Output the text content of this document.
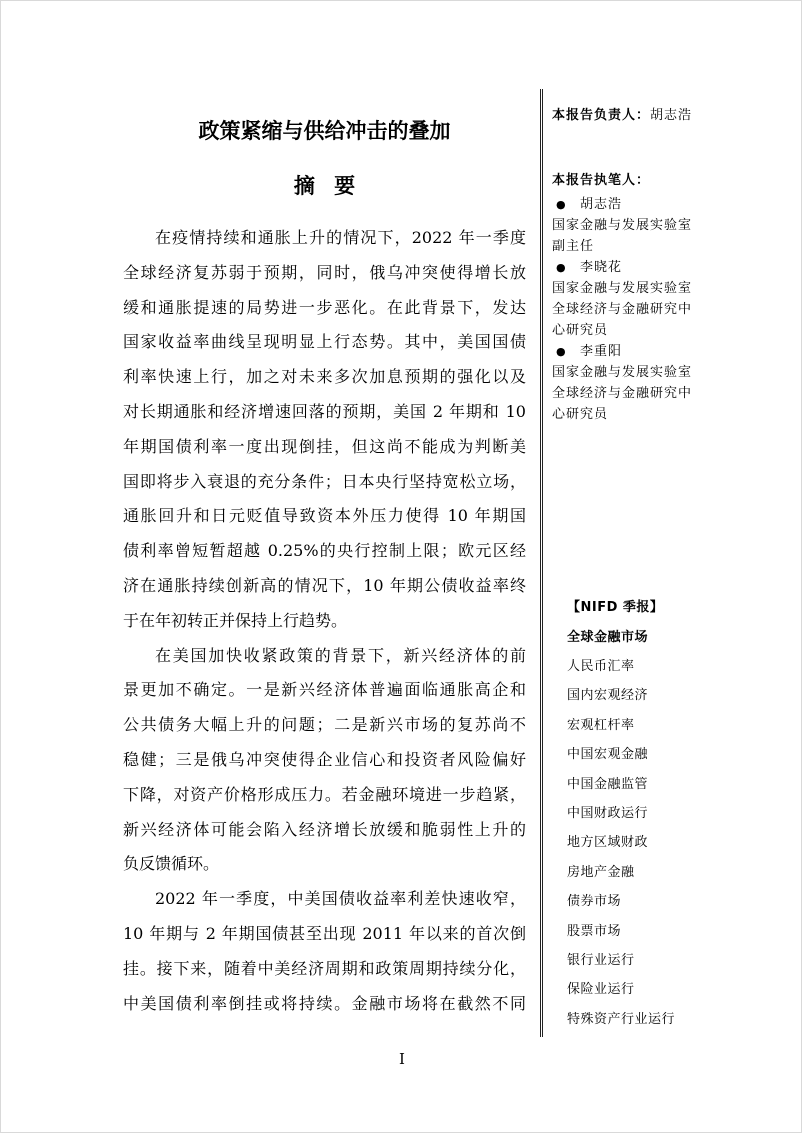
政策紧缩与供给冲击的叠加
摘 要
在疫情持续和通胀上升的情况下，2022 年一季度
全球经济复苏弱于预期，同时，俄乌冲突使得增长放
缓和通胀提速的局势进一步恶化。在此背景下，发达
国家收益率曲线呈现明显上行态势。其中，美国国债
利率快速上行，加之对未来多次加息预期的强化以及
对长期通胀和经济增速回落的预期，美国 2 年期和 10
年期国债利率一度出现倒挂，但这尚不能成为判断美
国即将步入衰退的充分条件；日本央行坚持宽松立场，
通胀回升和日元贬值导致资本外压力使得 10 年期国
债利率曾短暂超越 0.25%的央行控制上限；欧元区经
济在通胀持续创新高的情况下，10 年期公债收益率终
于在年初转正并保持上行趋势。
在美国加快收紧政策的背景下，新兴经济体的前
景更加不确定。一是新兴经济体普遍面临通胀高企和
公共债务大幅上升的问题；二是新兴市场的复苏尚不
稳健；三是俄乌冲突使得企业信心和投资者风险偏好
下降，对资产价格形成压力。若金融环境进一步趋紧，
新兴经济体可能会陷入经济增长放缓和脆弱性上升的
负反馈循环。
2022 年一季度，中美国债收益率利差快速收窄，
10 年期与 2 年期国债甚至出现 2011 年以来的首次倒
挂。接下来，随着中美经济周期和政策周期持续分化，
中美国债利率倒挂或将持续。金融市场将在截然不同
本报告负责人：胡志浩
本报告执笔人：
● 胡志浩
国家金融与发展实验室
副主任
● 李晓花
国家金融与发展实验室
全球经济与金融研究中
心研究员
● 李重阳
国家金融与发展实验室
全球经济与金融研究中
心研究员
【NIFD 季报】
全球金融市场
人民币汇率
国内宏观经济
宏观杠杆率
中国宏观金融
中国金融监管
中国财政运行
地方区域财政
房地产金融
债券市场
股票市场
银行业运行
保险业运行
特殊资产行业运行
I
